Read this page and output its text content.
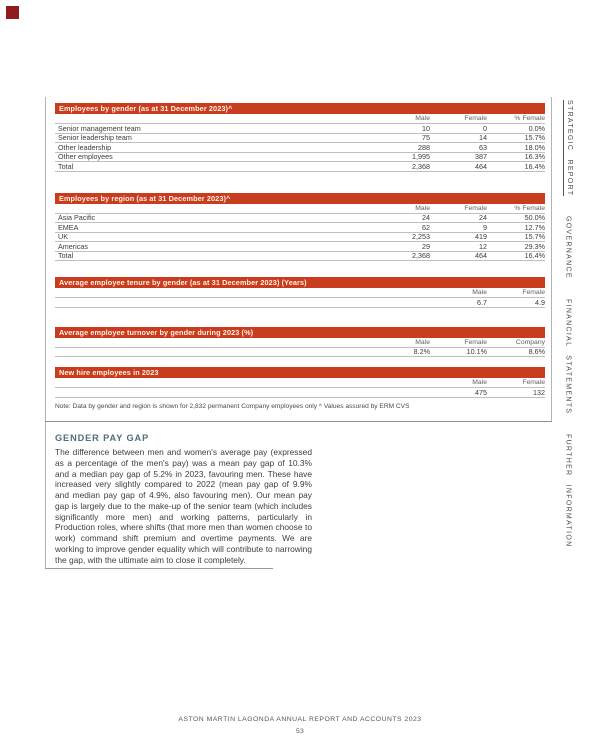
Employees by gender (as at 31 December 2023)^
Male	Female	% Female
Senior management team	10	0	0.0%
Senior leadership team	75	14	15.7%
Other leadership	288	63	18.0%
Other employees	1,995	387	16.3%
Total	2,368	464	16.4%
Employees by region (as at 31 December 2023)^
Male	Female	% Female
Asia Pacific	24	24	50.0%
EMEA	62	9	12.7%
UK	2,253	419	15.7%
Americas	29	12	29.3%
Total	2,368	464	16.4%
Average employee tenure by gender (as at 31 December 2023) (Years)
Male	Female
6.7	4.9
Average employee turnover by gender during 2023 (%)
Male	Female	Company
8.2%	10.1%	8.6%
New hire employees in 2023
Male	Female
475	132
Note: Data by gender and region is shown for 2,832 permanent Company employees only ^ Values assured by ERM CVS
GENDER PAY GAP

The difference between men and women's average pay (expressed as a percentage of the men's pay) was a mean pay gap of 10.3% and a median pay gap of 5.2% in 2023, favouring men. These have increased very slightly compared to 2022 (mean pay gap of 9.9% and median pay gap of 4.9%, also favouring men). Our mean pay gap is largely due to the make-up of the senior team (which includes significantly more men) and working patterns, particularly in Production roles, where shifts (that more men than women choose to work) command shift premium and overtime payments. We are working to improve gender equality which will contribute to narrowing the gap, with the ultimate aim to close it completely.

STRATEGIC REPORT
GOVERNANCE
FINANCIAL STATEMENTS
FURTHER INFORMATION
ASTON MARTIN LAGONDA ANNUAL REPORT AND ACCOUNTS 2023
53
